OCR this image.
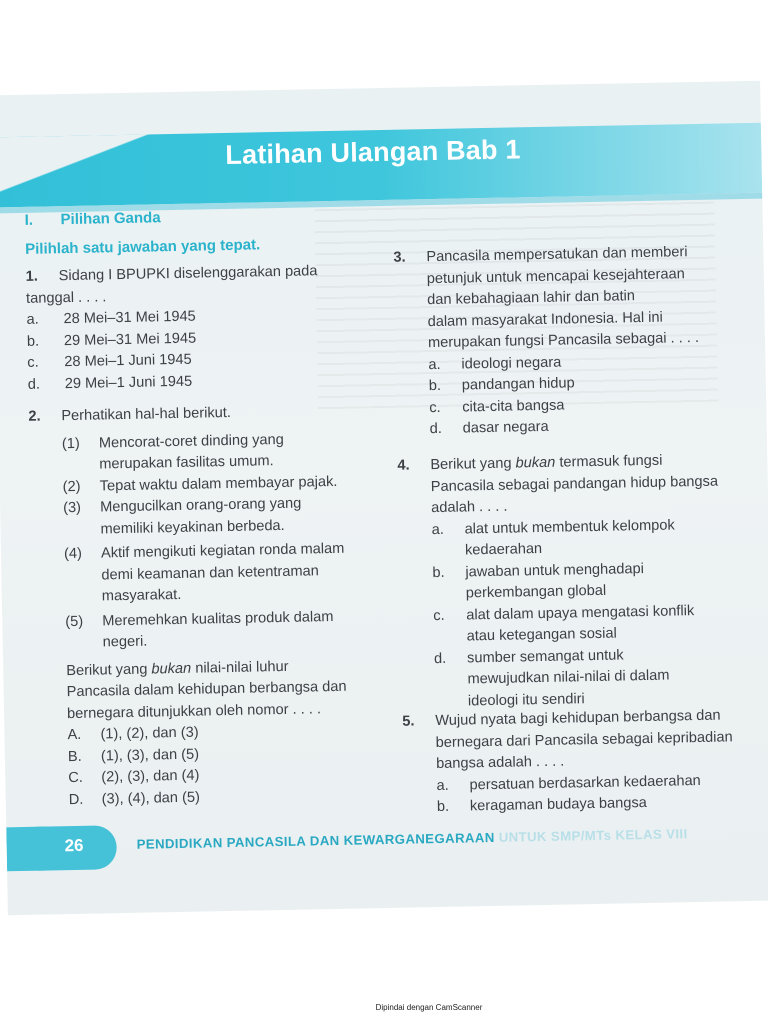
Latihan Ulangan Bab 1
I. Pilihan Ganda
Pilihlah satu jawaban yang tepat.
1.	Sidang I BPUPKI diselenggarakan pada
tanggal . . . .
a. 28 Mei–31 Mei 1945
b. 29 Mei–31 Mei 1945
c. 28 Mei–1 Juni 1945
d. 29 Mei–1 Juni 1945
2.	Perhatikan hal-hal berikut.
(1) Mencorat-coret dinding yang
merupakan fasilitas umum.
(2) Tepat waktu dalam membayar pajak.
(3) Mengucilkan orang-orang yang
memiliki keyakinan berbeda.
(4) Aktif mengikuti kegiatan ronda malam
demi keamanan dan ketentraman
masyarakat.
(5) Meremehkan kualitas produk dalam
negeri.
Berikut yang bukan nilai-nilai luhur
Pancasila dalam kehidupan berbangsa dan
bernegara ditunjukkan oleh nomor . . . .
A. (1), (2), dan (3)
B. (1), (3), dan (5)
C. (2), (3), dan (4)
D. (3), (4), dan (5)
3.	Pancasila mempersatukan dan memberi
petunjuk untuk mencapai kesejahteraan
dan kebahagiaan lahir dan batin
dalam masyarakat Indonesia. Hal ini
merupakan fungsi Pancasila sebagai . . . .
a. ideologi negara
b. pandangan hidup
c. cita-cita bangsa
d. dasar negara
4.	Berikut yang bukan termasuk fungsi
Pancasila sebagai pandangan hidup bangsa
adalah . . . .
a. alat untuk membentuk kelompok
kedaerahan
b. jawaban untuk menghadapi
perkembangan global
c. alat dalam upaya mengatasi konflik
atau ketegangan sosial
d. sumber semangat untuk
mewujudkan nilai-nilai di dalam
ideologi itu sendiri
5.	Wujud nyata bagi kehidupan berbangsa dan
bernegara dari Pancasila sebagai kepribadian
bangsa adalah . . . .
a. persatuan berdasarkan kedaerahan
b. keragaman budaya bangsa
26	PENDIDIKAN PANCASILA DAN KEWARGANEGARAAN UNTUK SMP/MTs KELAS VIII
Dipindai dengan CamScanner
